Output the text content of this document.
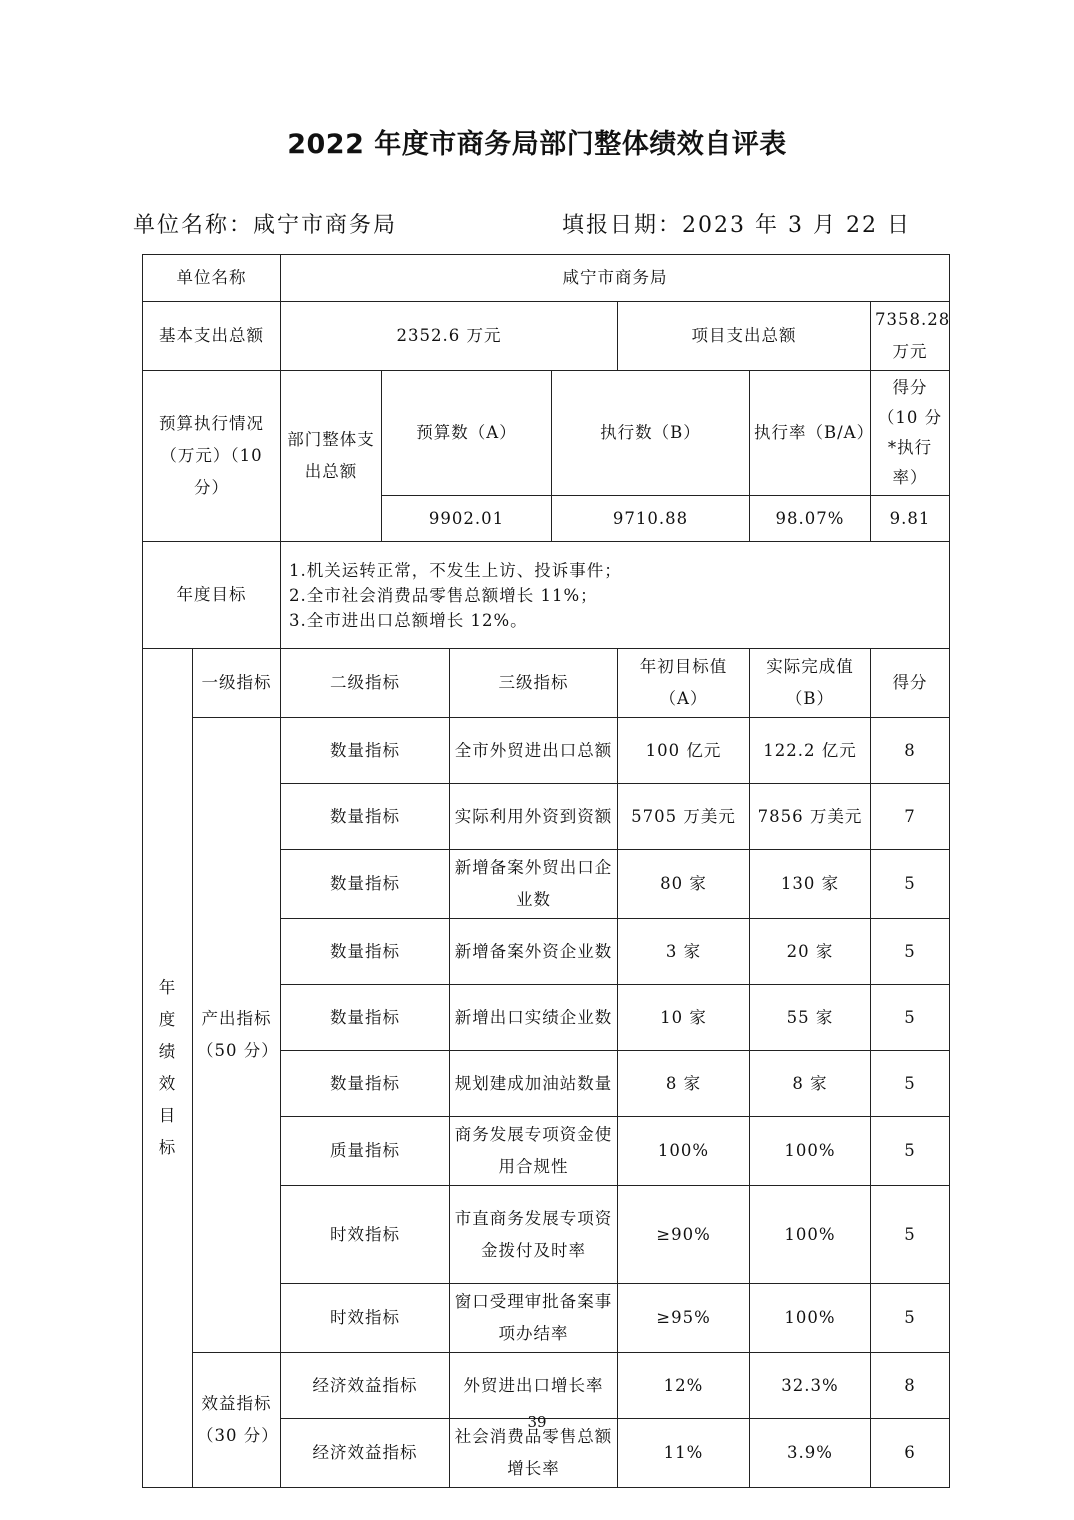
2022 年度市商务局部门整体绩效自评表
单位名称：咸宁市商务局	填报日期：2023 年 3 月 22 日
单位名称		咸宁市商务局						
基本支出总额		2352.6 万元				项目支出总额		7358.28 万元
预算执行情况（万元）（10 分）		部门整体支出总额	预算数（A）		执行数（B）		执行率（B/A）	得分（10 分*执行率）
			9902.01		9710.88		98.07%	9.81
年度目标		1.机关运转正常，不发生上访、投诉事件；
2.全市社会消费品零售总额增长 11%；
3.全市进出口总额增长 12%。						

年度绩效目标	一级指标	二级指标		三级指标		年初目标值（A）	实际完成值（B）	得分
	产出指标（50 分）	数量指标		全市外贸进出口总额		100 亿元	122.2 亿元	8
		数量指标		实际利用外资到资额		5705 万美元	7856 万美元	7
		数量指标		新增备案外贸出口企业数		80 家	130 家	5
		数量指标		新增备案外资企业数		3 家	20 家	5
		数量指标		新增出口实绩企业数		10 家	55 家	5
		数量指标		规划建成加油站数量		8 家	8 家	5
		质量指标		商务发展专项资金使用合规性		100%	100%	5
		时效指标		市直商务发展专项资金拨付及时率		≥90%	100%	5
		时效指标		窗口受理审批备案事项办结率		≥95%	100%	5
	效益指标（30 分）	经济效益指标		外贸进出口增长率		12%	32.3%	8
		经济效益指标		社会消费品零售总额增长率		11%	3.9%	6
39
